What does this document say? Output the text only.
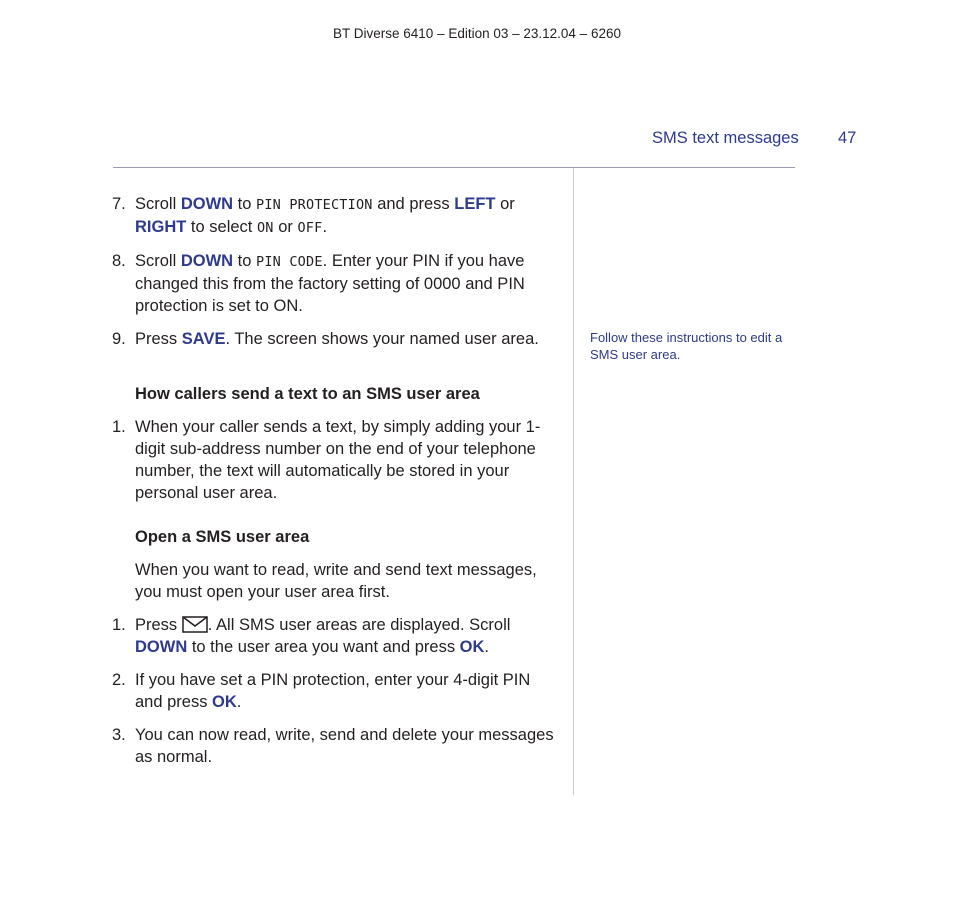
BT Diverse 6410 – Edition 03 – 23.12.04 – 6260
SMS text messages 47

7. Scroll DOWN to PIN PROTECTION and press LEFT or RIGHT to select ON or OFF.

8. Scroll DOWN to PIN CODE. Enter your PIN if you have changed this from the factory setting of 0000 and PIN protection is set to ON.

9. Press SAVE. The screen shows your named user area.

How callers send a text to an SMS user area

1. When your caller sends a text, by simply adding your 1-digit sub-address number on the end of your telephone number, the text will automatically be stored in your personal user area.

Open a SMS user area

When you want to read, write and send text messages, you must open your user area first.

1. Press . All SMS user areas are displayed. Scroll DOWN to the user area you want and press OK.

2. If you have set a PIN protection, enter your 4-digit PIN and press OK.

3. You can now read, write, send and delete your messages as normal.

Follow these instructions to edit a SMS user area.
